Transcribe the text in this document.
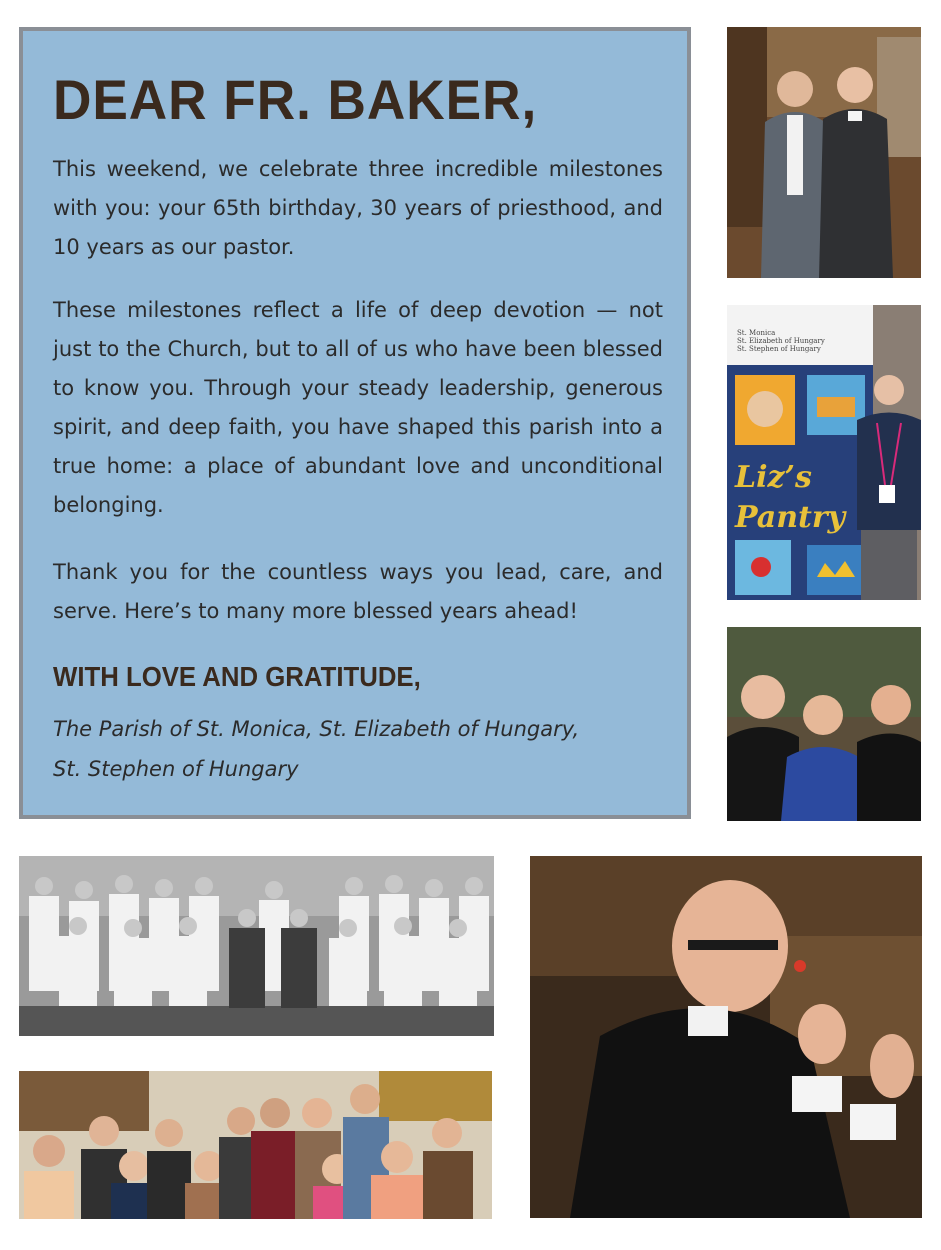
DEAR FR. BAKER,

This weekend, we celebrate three incredible milestones with you: your 65th birthday, 30 years of priesthood, and 10 years as our pastor.

These milestones reflect a life of deep devotion — not just to the Church, but to all of us who have been blessed to know you. Through your steady leadership, generous spirit, and deep faith, you have shaped this parish into a true home: a place of abundant love and unconditional belonging.

Thank you for the countless ways you lead, care, and serve. Here’s to many more blessed years ahead!

WITH LOVE AND GRATITUDE,

The Parish of St. Monica, St. Elizabeth of Hungary,
St. Stephen of Hungary

St. Monica
St. Elizabeth of Hungary
St. Stephen of Hungary
Liz’s
Pantry
